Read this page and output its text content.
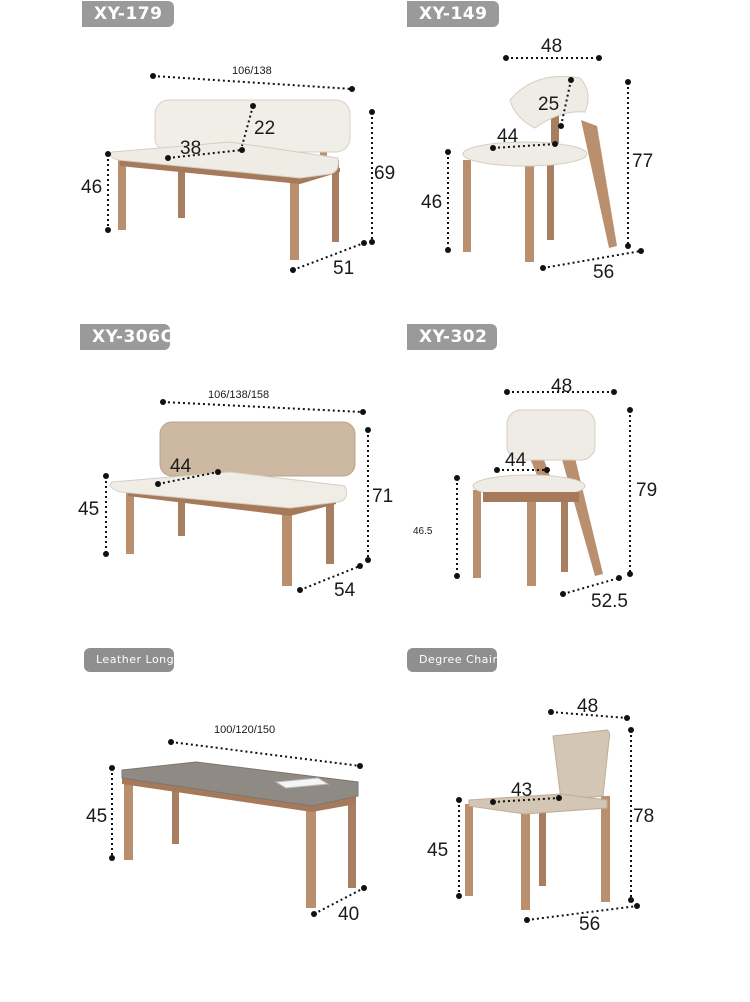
XY-179
106/138
38
22
46
69
51
XY-149
48
25
44
46
77
56
XY-306C
106/138/158
44
45
71
54
XY-302
48
44
46.5
79
52.5
Leather Long B
100/120/150
45
40
Degree Chair
48
43
45
78
56
